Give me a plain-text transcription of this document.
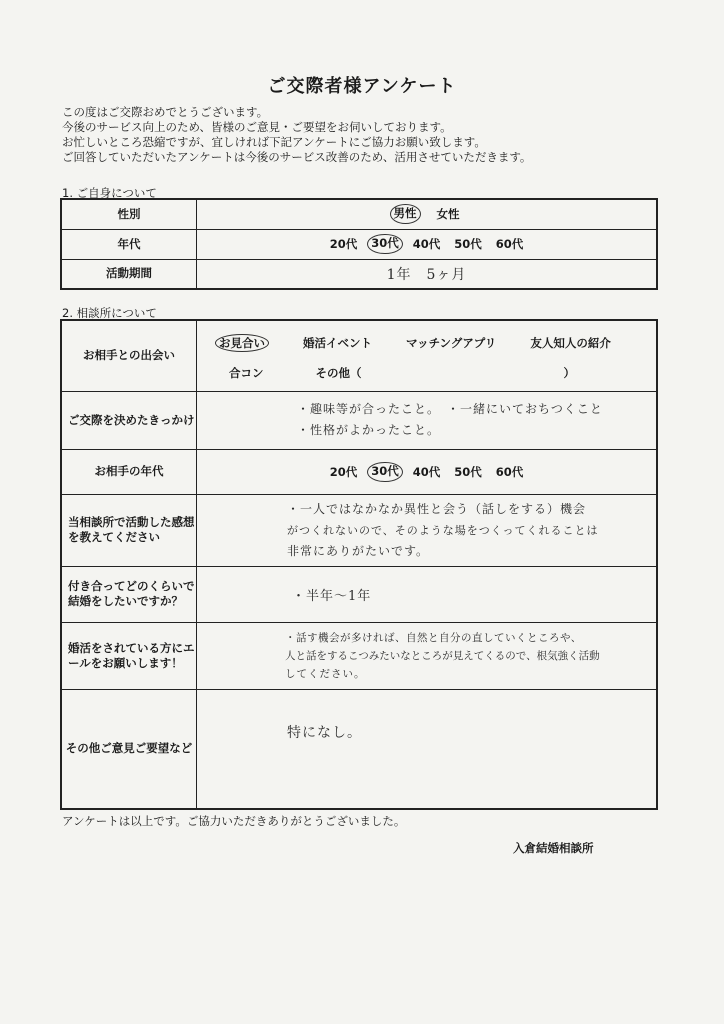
ご交際者様アンケート
この度はご交際おめでとうございます。
今後のサービス向上のため、皆様のご意見・ご要望をお伺いしております。
お忙しいところ恐縮ですが、宜しければ下記アンケートにご協力お願い致します。
ご回答していただいたアンケートは今後のサービス改善のため、活用させていただきます。
1. ご自身について
性別	男性 女性

年代	20代 30代 40代 50代 60代

活動期間	1年　5ヶ月
2. 相談所について
お相手との出会い	お見合い 婚活イベント マッチングアプリ 友人知人の紹介
合コン その他（ ）

ご交際を決めたきっかけ	・趣味等が合ったこと。　・一緒にいておちつくこと
・性格がよかったこと。

お相手の年代	20代 30代 40代 50代 60代

当相談所で活動した感想を教えてください	・一人ではなかなか異性と会う（話しをする）機会
がつくれないので、そのような場をつくってくれることは
非常にありがたいです。

付き合ってどのくらいで結婚をしたいですか？	・半年～1年

婚活をされている方にエールをお願いします！	・話す機会が多ければ、自然と自分の直していくところや、
人と話をするこつみたいなところが見えてくるので、根気強く活動
してください。

その他ご意見ご要望など	特になし。
アンケートは以上です。ご協力いただきありがとうございました。
入倉結婚相談所
